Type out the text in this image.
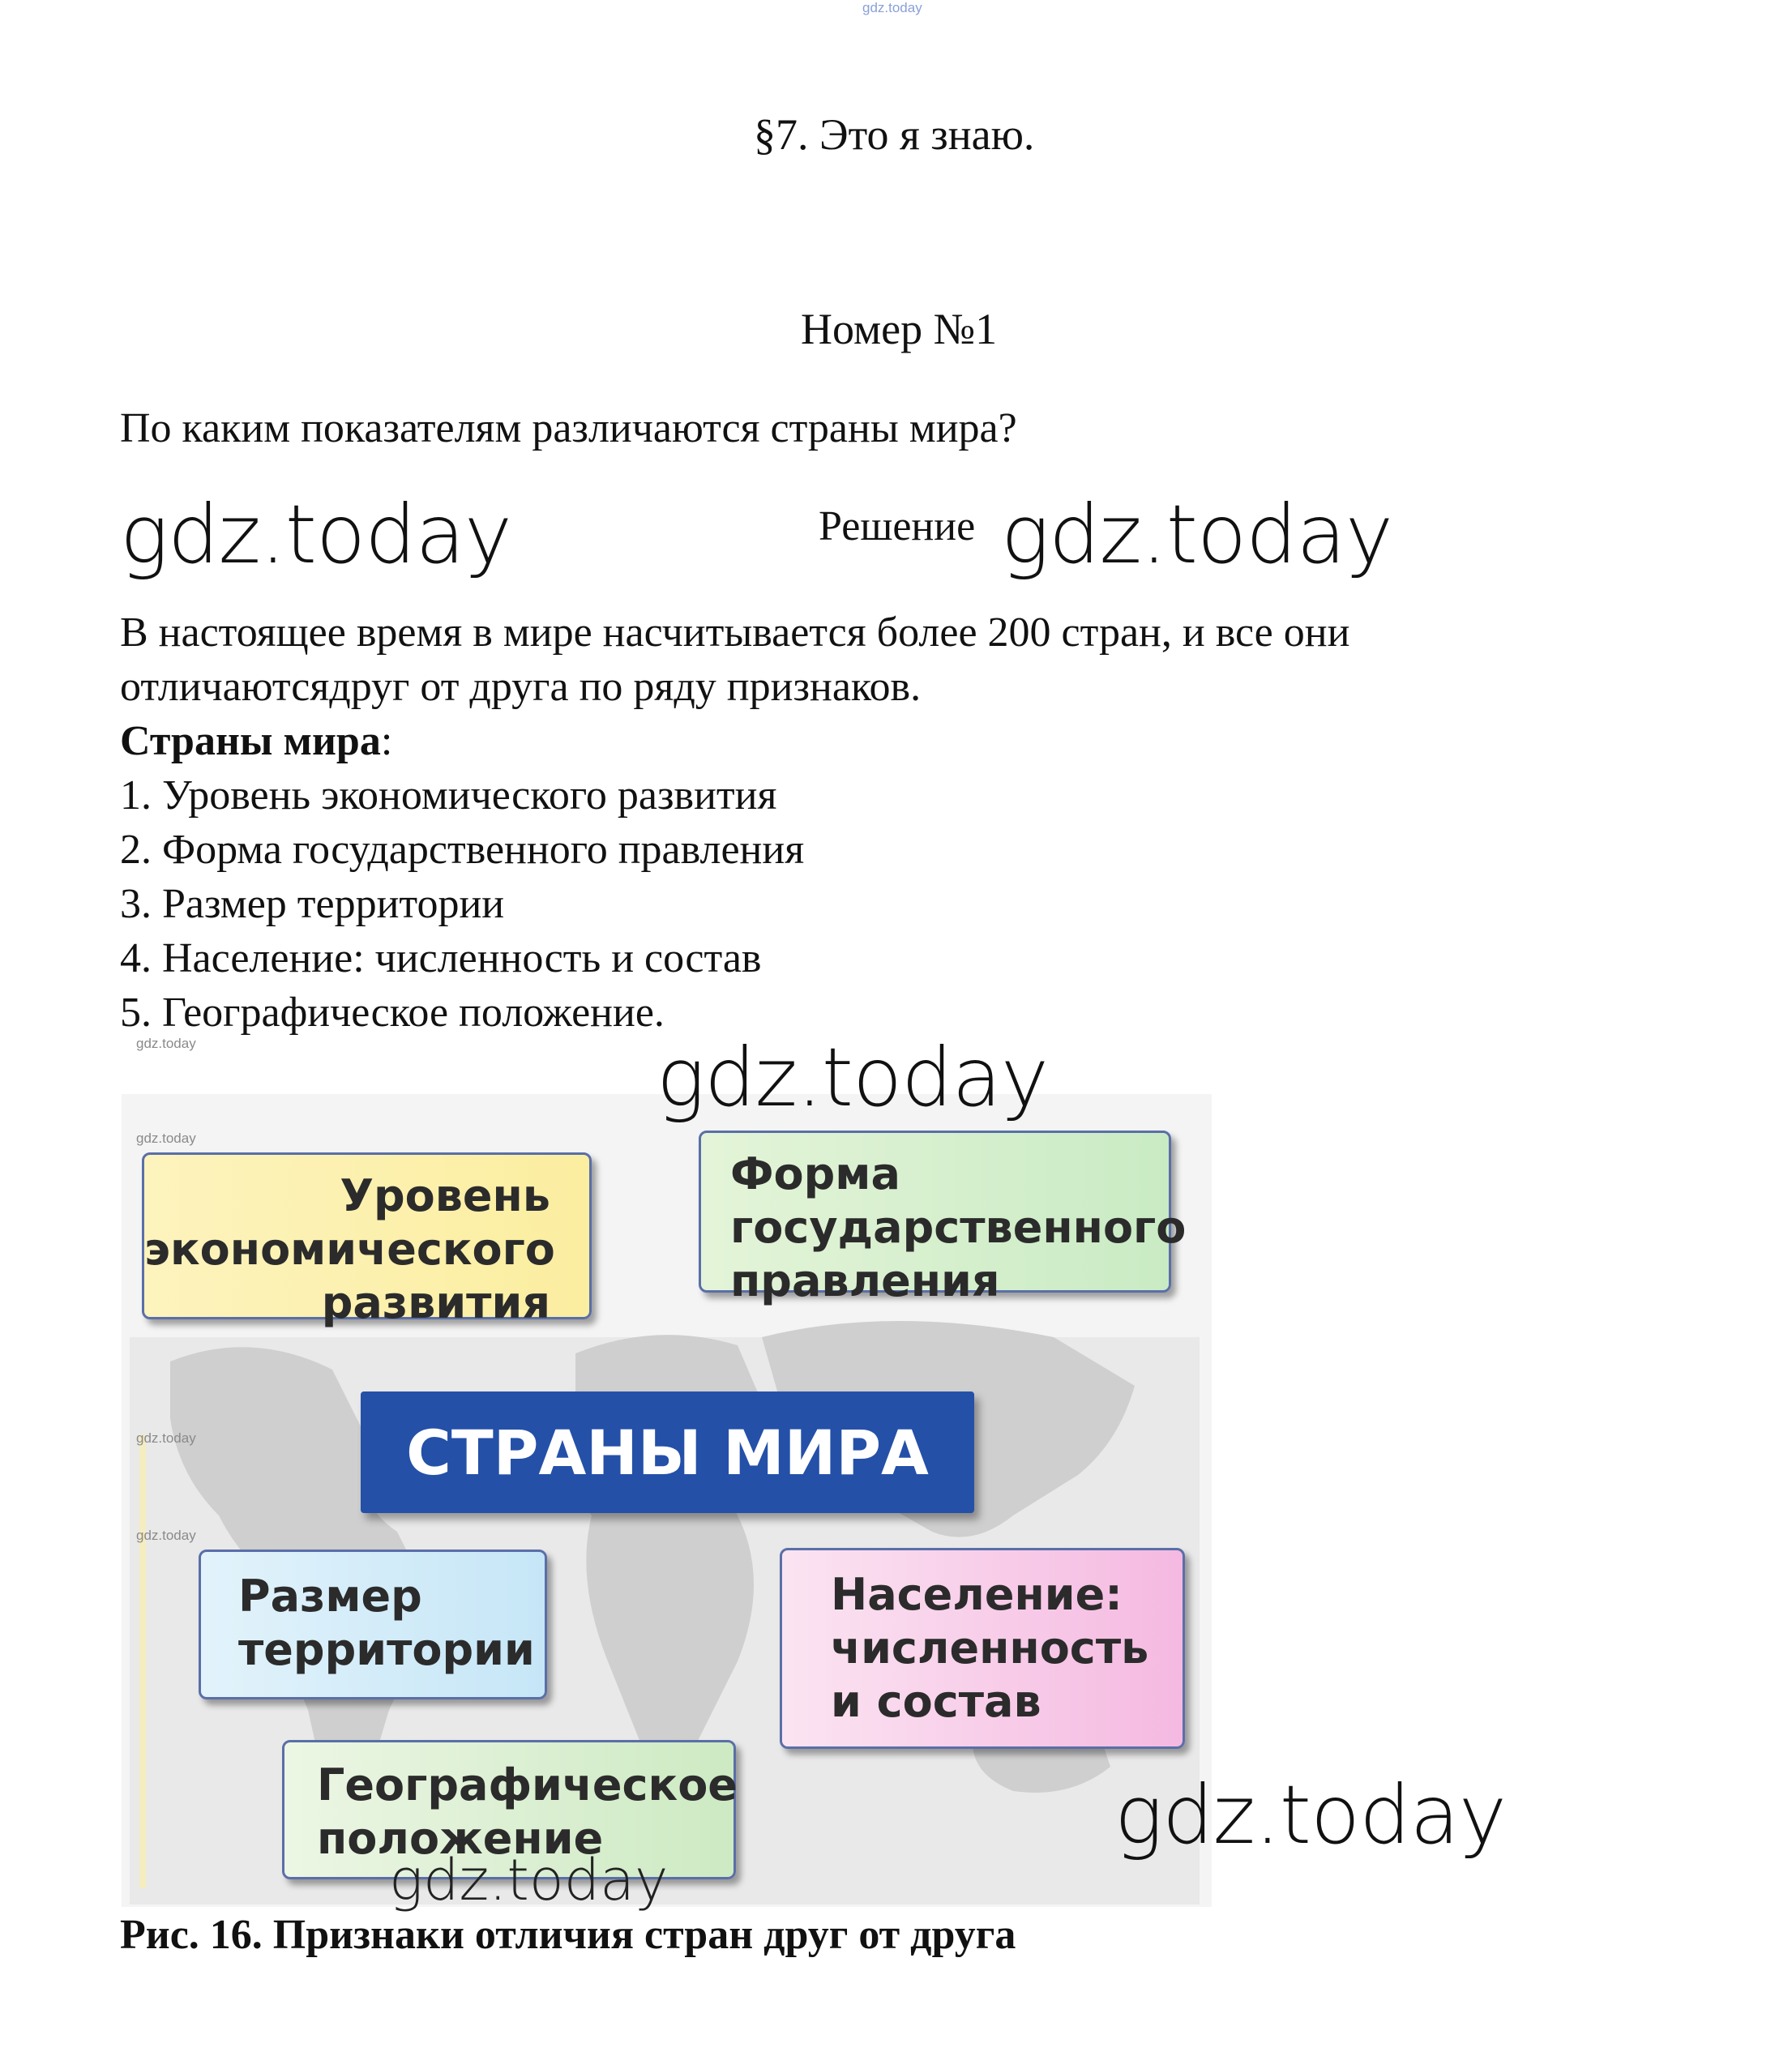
gdz.today
§7. Это я знаю.
Номер №1
По каким показателям различаются страны мира?
gdz.today	Решение gdz.today
В настоящее время в мире насчитывается более 200 стран, и все они
отличаютсядруг от друга по ряду признаков.
Страны мира:
1. Уровень экономического развития
2. Форма государственного правления
3. Размер территории
4. Население: численность и состав
5. Географическое положение.
gdz.today
gdz.today
gdz.today
gdz.today
Уровень
экономического
развития
Форма
государственного
правления
СТРАНЫ МИРА
Размер
территории
Население:
численность
и состав
Географическое
положение
gdz.today
gdz.today
gdz.today
Рис. 16. Признаки отличия стран друг от друга
